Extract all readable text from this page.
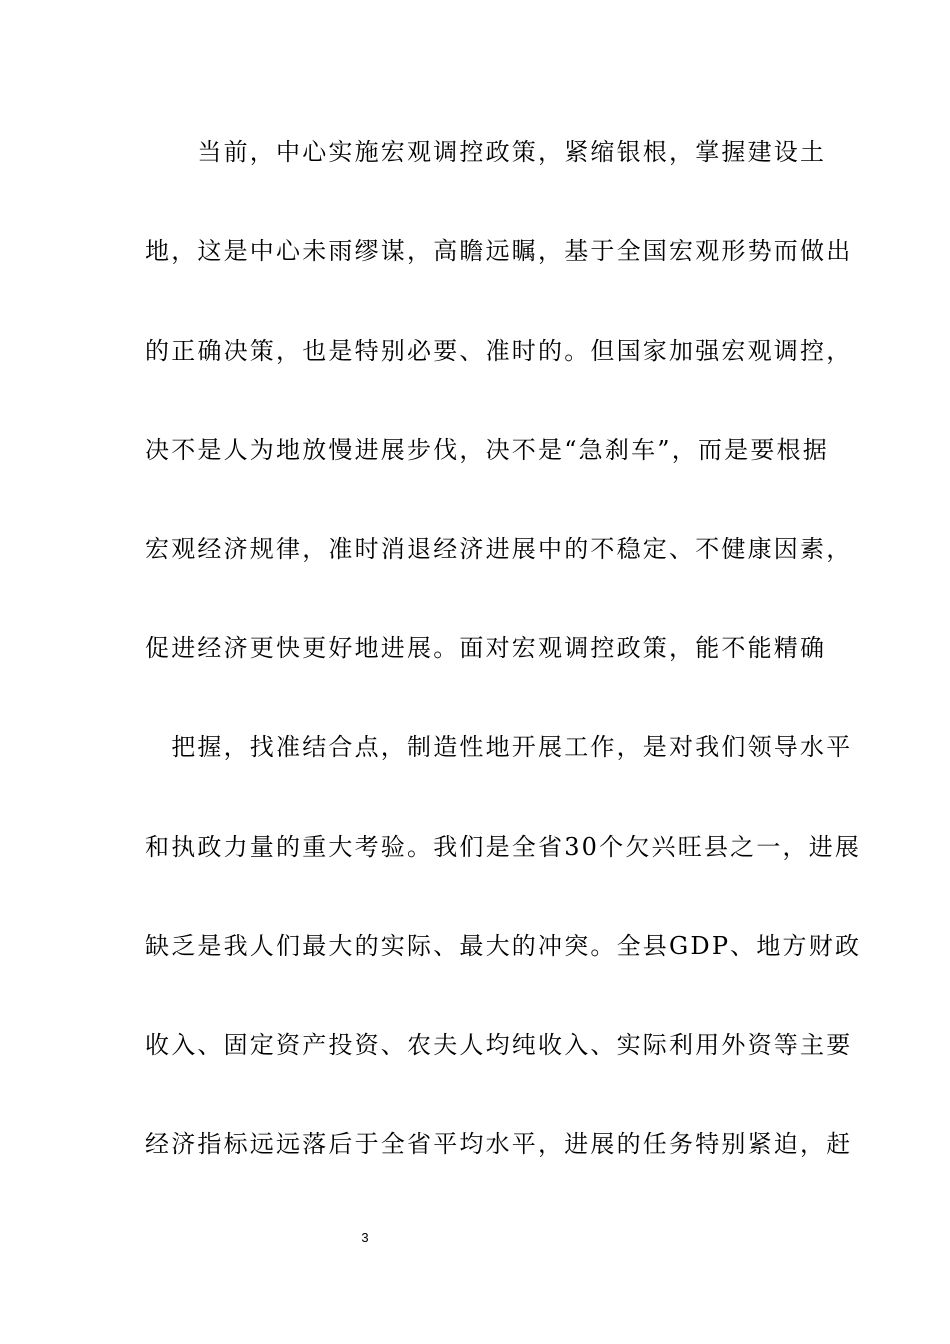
　　当前，中心实施宏观调控政策，紧缩银根，掌握建设土
地，这是中心未雨缪谋，高瞻远瞩，基于全国宏观形势而做出
的正确决策，也是特别必要、准时的。但国家加强宏观调控，
决不是人为地放慢进展步伐，决不是“急刹车”，而是要根据
宏观经济规律，准时消退经济进展中的不稳定、不健康因素，
促进经济更快更好地进展。面对宏观调控政策，能不能精确
　把握，找准结合点，制造性地开展工作，是对我们领导水平
和执政力量的重大考验。我们是全省30个欠兴旺县之一，进展
缺乏是我人们最大的实际、最大的冲突。全县GDP、地方财政
收入、固定资产投资、农夫人均纯收入、实际利用外资等主要
经济指标远远落后于全省平均水平，进展的任务特别紧迫，赶
3
